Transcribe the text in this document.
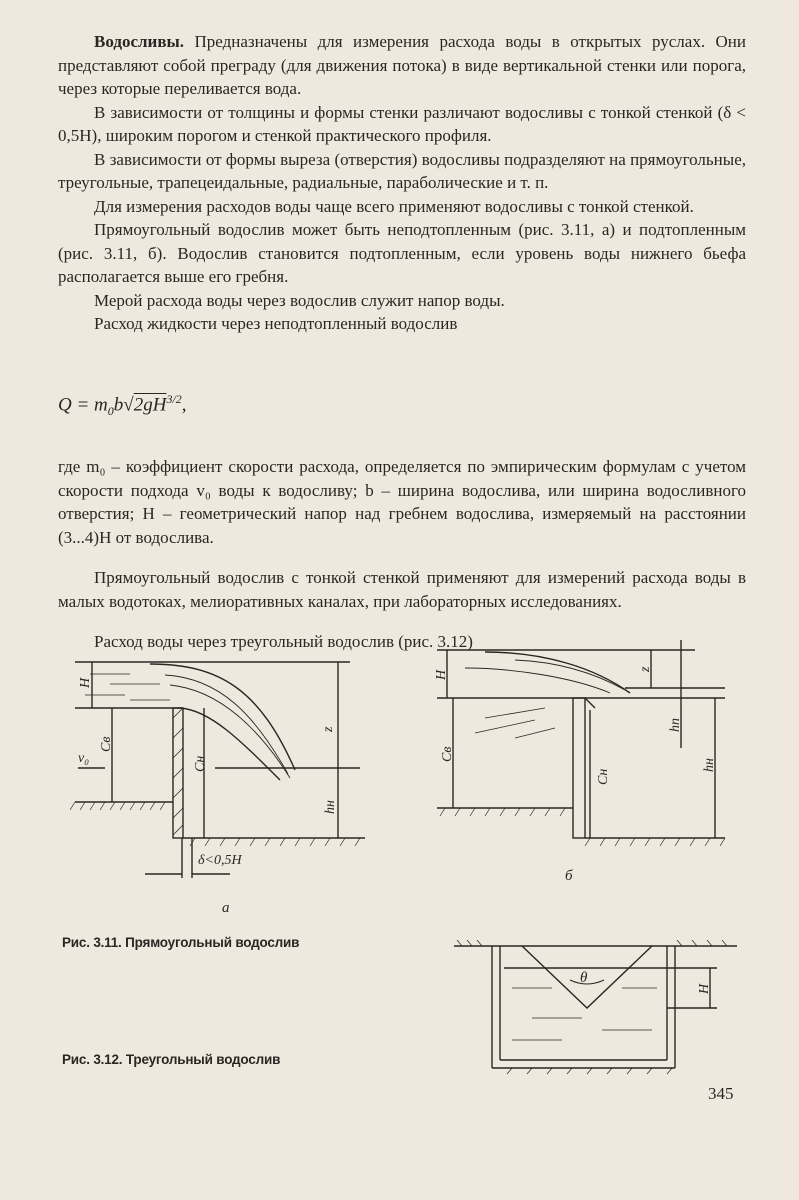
Водосливы. Предназначены для измерения расхода воды в открытых руслах. Они представляют собой преграду (для движения потока) в виде вертикальной стенки или порога, через которые переливается вода.

В зависимости от толщины и формы стенки различают водосливы с тонкой стенкой (δ < 0,5H), широким порогом и стенкой практического профиля.

В зависимости от формы выреза (отверстия) водосливы подразделяют на прямоугольные, треугольные, трапецеидальные, радиальные, параболические и т. п.

Для измерения расходов воды чаще всего применяют водосливы с тонкой стенкой.

Прямоугольный водослив может быть неподтопленным (рис. 3.11, а) и подтопленным (рис. 3.11, б). Водослив становится подтопленным, если уровень воды нижнего бьефа располагается выше его гребня.

Мерой расхода воды через водослив служит напор воды.

Расход жидкости через неподтопленный водослив

$Q = m_0b√2gH^{3/2}$,

где m₀ – коэффициент скорости расхода, определяется по эмпирическим формулам с учетом скорости подхода v₀ воды к водосливу; b – ширина водослива, или ширина водосливного отверстия; H – геометрический напор над гребнем водослива, измеряемый на расстоянии (3...4)H от водослива.

Прямоугольный водослив с тонкой стенкой применяют для измерений расхода воды в малых водотоках, мелиоративных каналах, при лабораторных исследованиях.

Расход воды через треугольный водослив (рис. 3.12)

H
z
v₀
Cв
Cн
hн
δ<0,5H
а
H
z
hп
Cв
Cн
hн
б
Рис. 3.11. Прямоугольный водослив
θ
H
Рис. 3.12. Треугольный водослив
345
